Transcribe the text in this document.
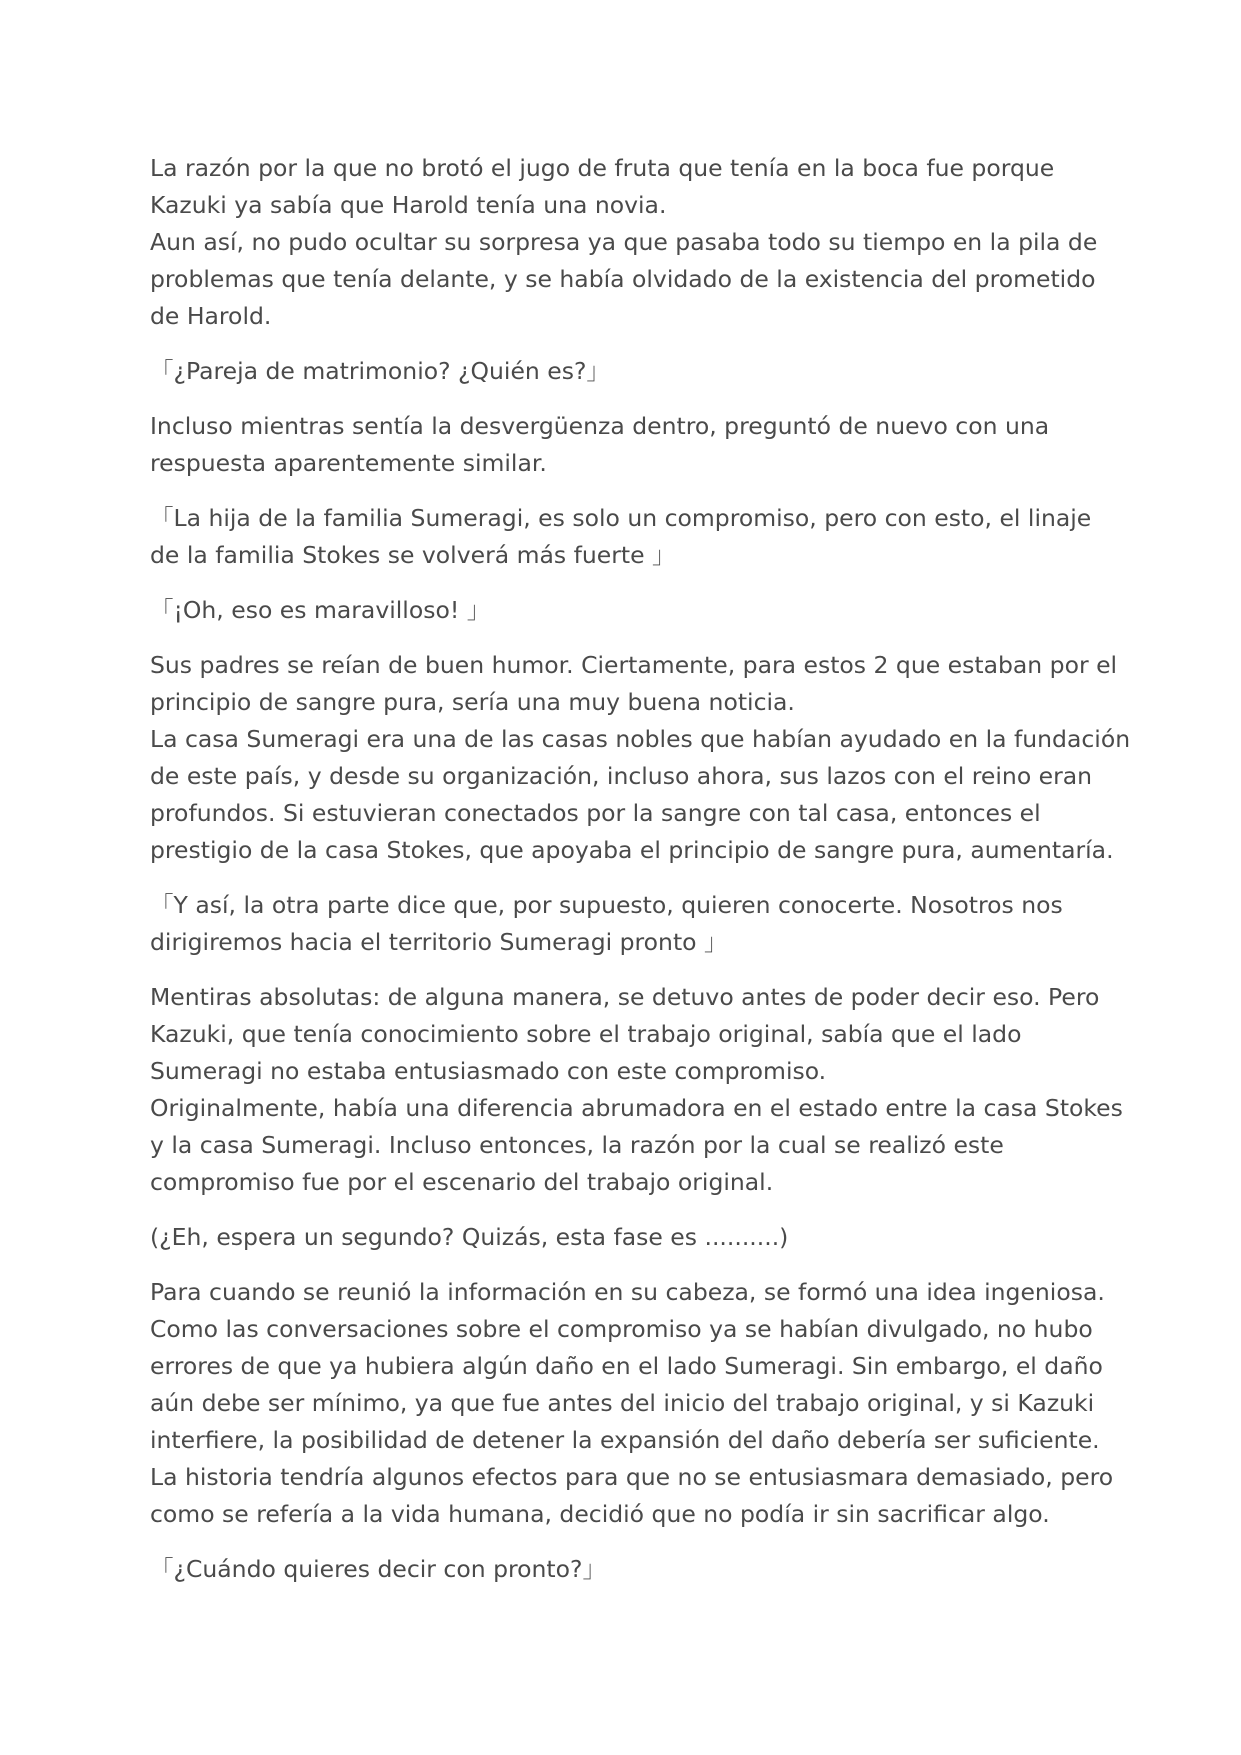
La razón por la que no brotó el jugo de fruta que tenía en la boca fue porque
Kazuki ya sabía que Harold tenía una novia.
Aun así, no pudo ocultar su sorpresa ya que pasaba todo su tiempo en la pila de
problemas que tenía delante, y se había olvidado de la existencia del prometido
de Harold.

「¿Pareja de matrimonio? ¿Quién es?」

Incluso mientras sentía la desvergüenza dentro, preguntó de nuevo con una
respuesta aparentemente similar.

「La hija de la familia Sumeragi, es solo un compromiso, pero con esto, el linaje
de la familia Stokes se volverá más fuerte 」

「¡Oh, eso es maravilloso! 」

Sus padres se reían de buen humor. Ciertamente, para estos 2 que estaban por el
principio de sangre pura, sería una muy buena noticia.
La casa Sumeragi era una de las casas nobles que habían ayudado en la fundación
de este país, y desde su organización, incluso ahora, sus lazos con el reino eran
profundos. Si estuvieran conectados por la sangre con tal casa, entonces el
prestigio de la casa Stokes, que apoyaba el principio de sangre pura, aumentaría.

「Y así, la otra parte dice que, por supuesto, quieren conocerte. Nosotros nos
dirigiremos hacia el territorio Sumeragi pronto 」

Mentiras absolutas: de alguna manera, se detuvo antes de poder decir eso. Pero
Kazuki, que tenía conocimiento sobre el trabajo original, sabía que el lado
Sumeragi no estaba entusiasmado con este compromiso.
Originalmente, había una diferencia abrumadora en el estado entre la casa Stokes
y la casa Sumeragi. Incluso entonces, la razón por la cual se realizó este
compromiso fue por el escenario del trabajo original.

(¿Eh, espera un segundo? Quizás, esta fase es ..........)

Para cuando se reunió la información en su cabeza, se formó una idea ingeniosa.
Como las conversaciones sobre el compromiso ya se habían divulgado, no hubo
errores de que ya hubiera algún daño en el lado Sumeragi. Sin embargo, el daño
aún debe ser mínimo, ya que fue antes del inicio del trabajo original, y si Kazuki
interfiere, la posibilidad de detener la expansión del daño debería ser suficiente.
La historia tendría algunos efectos para que no se entusiasmara demasiado, pero
como se refería a la vida humana, decidió que no podía ir sin sacrificar algo.

「¿Cuándo quieres decir con pronto?」
